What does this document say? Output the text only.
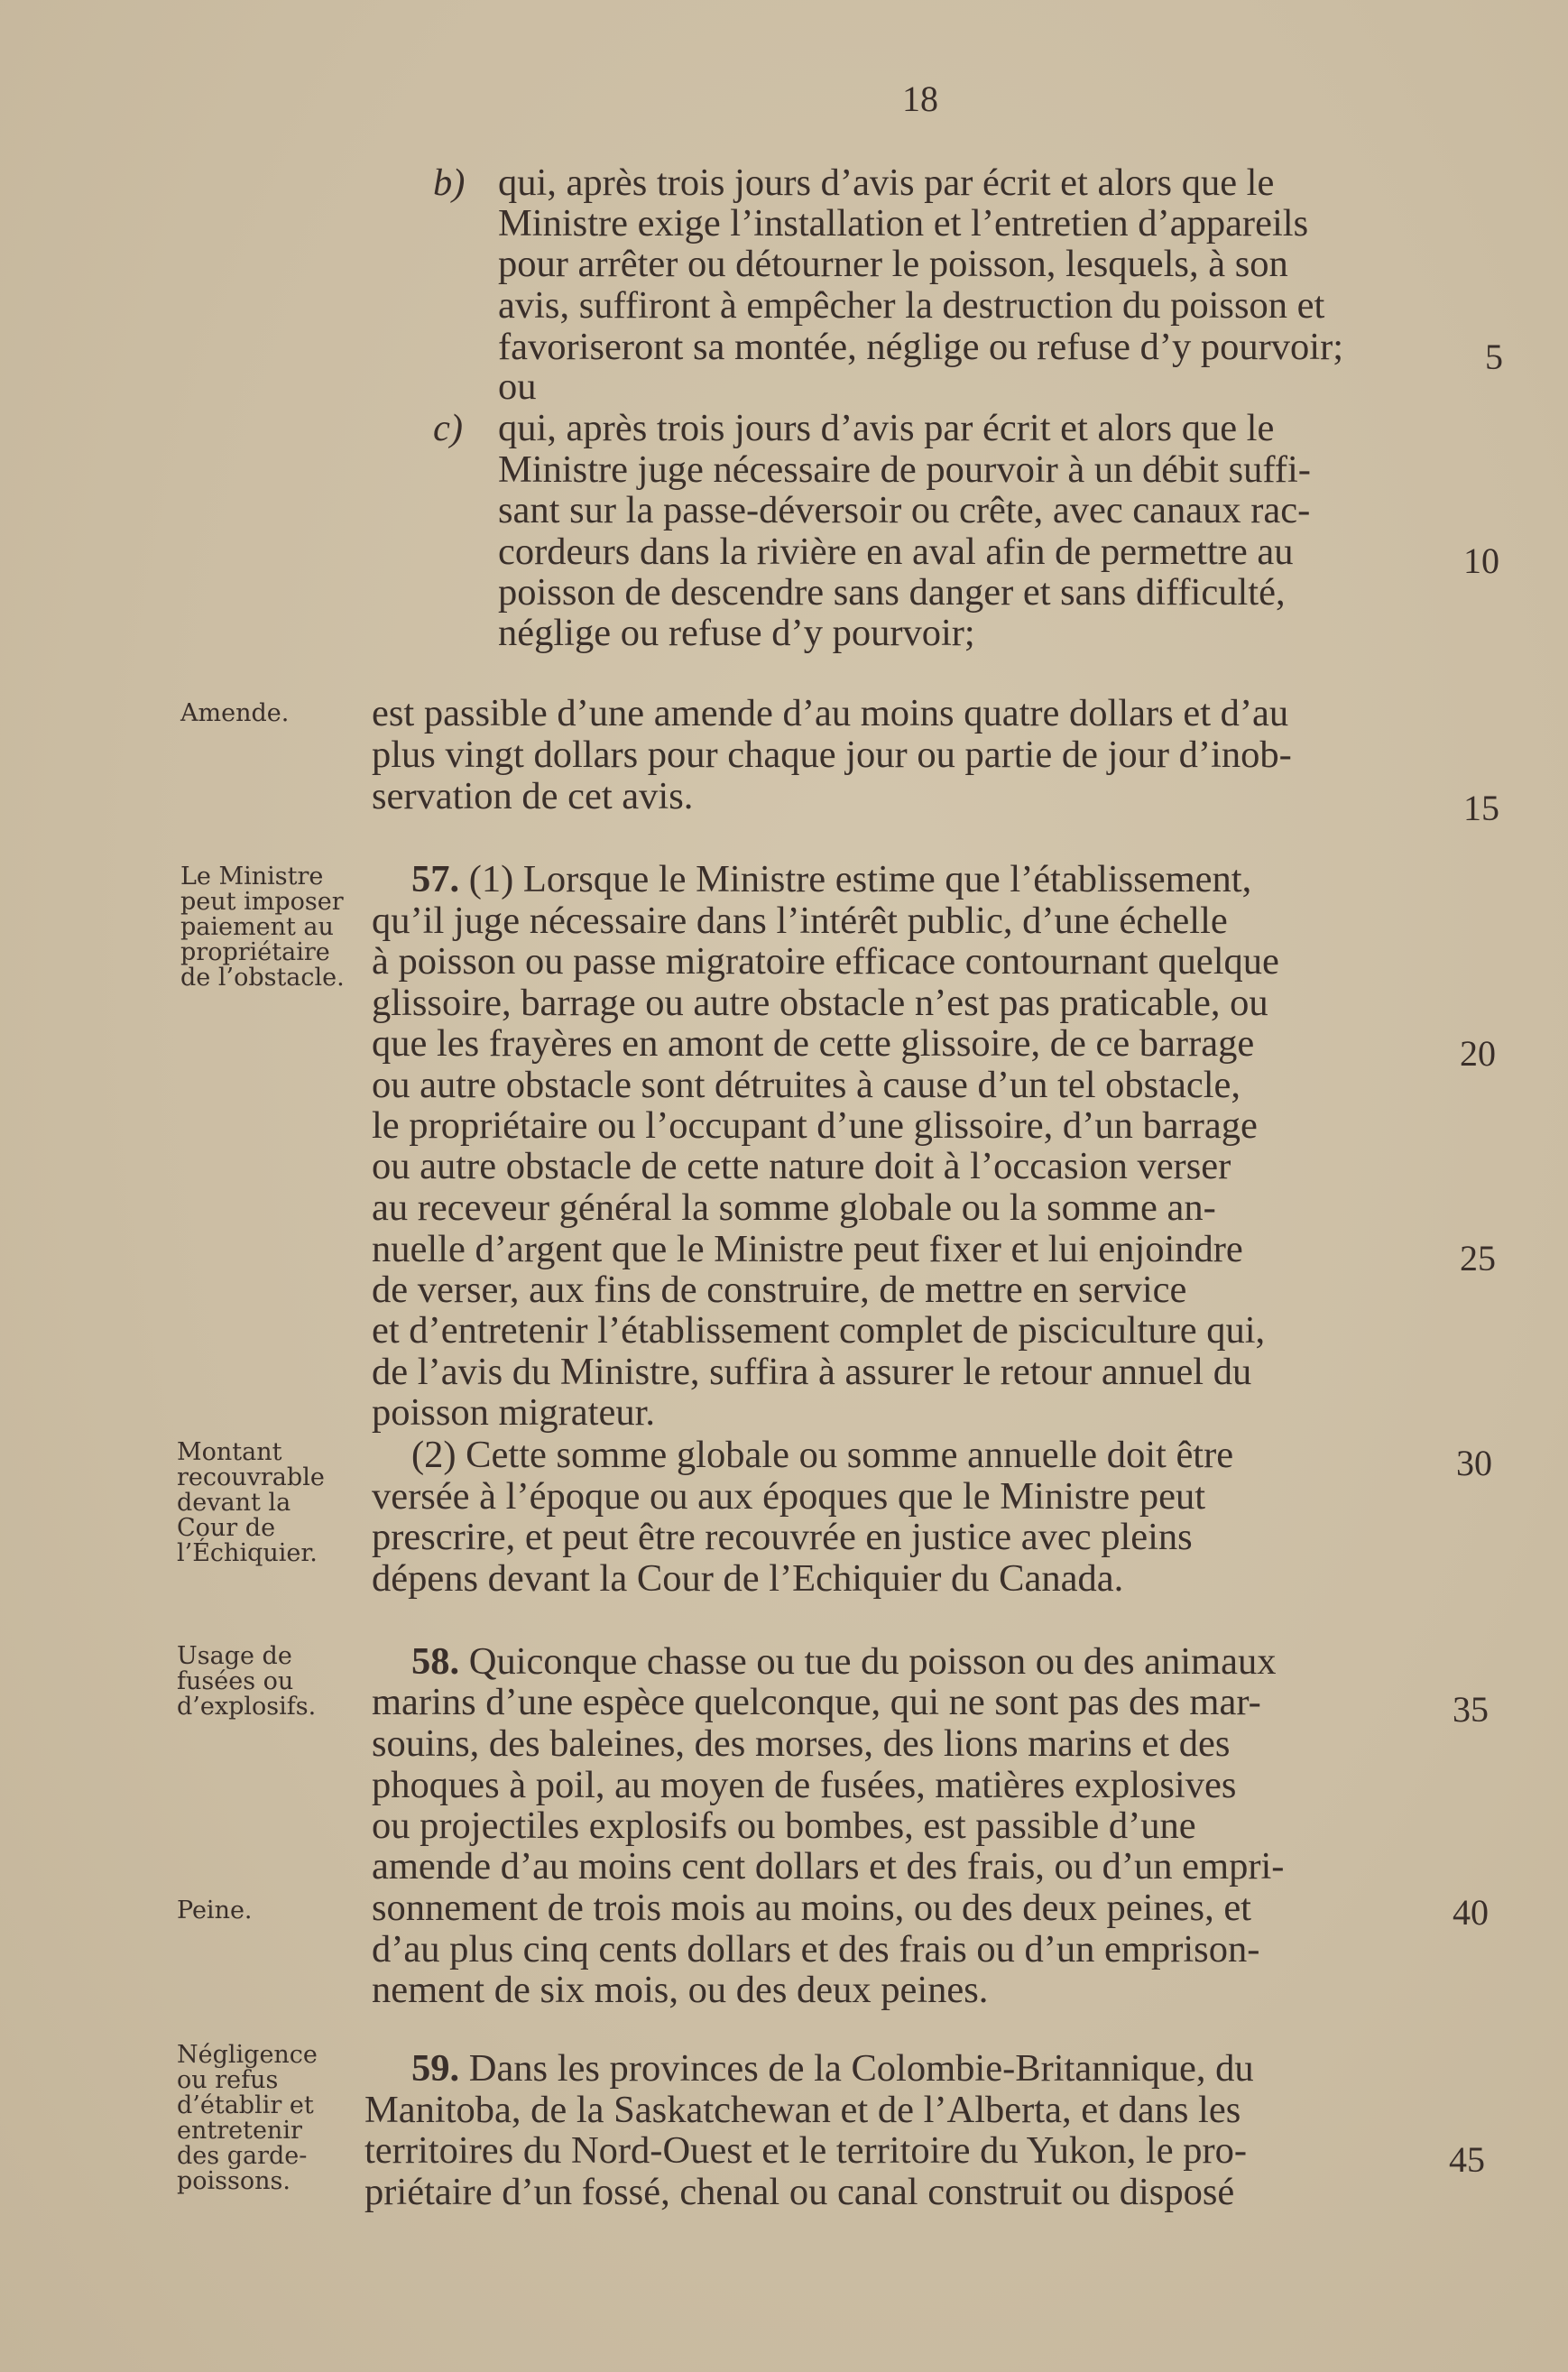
18
b) qui, après trois jours d’avis par écrit et alors que le
Ministre exige l’installation et l’entretien d’appareils
pour arrêter ou détourner le poisson, lesquels, à son
avis, suffiront à empêcher la destruction du poisson et
favoriseront sa montée, néglige ou refuse d’y pourvoir;
ou
c) qui, après trois jours d’avis par écrit et alors que le
Ministre juge nécessaire de pourvoir à un débit suffi-
sant sur la passe-déversoir ou crête, avec canaux rac-
cordeurs dans la rivière en aval afin de permettre au
poisson de descendre sans danger et sans difficulté,
néglige ou refuse d’y pourvoir;
Amende. est passible d’une amende d’au moins quatre dollars et d’au
plus vingt dollars pour chaque jour ou partie de jour d’inob-
servation de cet avis.
Le Ministre
peut imposer
paiement au
propriétaire
de l’obstacle.
57. (1) Lorsque le Ministre estime que l’établissement,
qu’il juge nécessaire dans l’intérêt public, d’une échelle
à poisson ou passe migratoire efficace contournant quelque
glissoire, barrage ou autre obstacle n’est pas praticable, ou
que les frayères en amont de cette glissoire, de ce barrage
ou autre obstacle sont détruites à cause d’un tel obstacle,
le propriétaire ou l’occupant d’une glissoire, d’un barrage
ou autre obstacle de cette nature doit à l’occasion verser
au receveur général la somme globale ou la somme an-
nuelle d’argent que le Ministre peut fixer et lui enjoindre
de verser, aux fins de construire, de mettre en service
et d’entretenir l’établissement complet de pisciculture qui,
de l’avis du Ministre, suffira à assurer le retour annuel du
poisson migrateur.
Montant
recouvrable
devant la
Cour de
l’Échiquier.
(2) Cette somme globale ou somme annuelle doit être
versée à l’époque ou aux époques que le Ministre peut
prescrire, et peut être recouvrée en justice avec pleins
dépens devant la Cour de l’Echiquier du Canada.
Usage de
fusées ou
d’explosifs.
58. Quiconque chasse ou tue du poisson ou des animaux
marins d’une espèce quelconque, qui ne sont pas des mar-
souins, des baleines, des morses, des lions marins et des
phoques à poil, au moyen de fusées, matières explosives
ou projectiles explosifs ou bombes, est passible d’une
amende d’au moins cent dollars et des frais, ou d’un empri-
sonnement de trois mois au moins, ou des deux peines, et
d’au plus cinq cents dollars et des frais ou d’un emprison-
nement de six mois, ou des deux peines.
Peine.
Négligence
ou refus
d’établir et
entretenir
des garde-
poissons.
59. Dans les provinces de la Colombie-Britannique, du
Manitoba, de la Saskatchewan et de l’Alberta, et dans les
territoires du Nord-Ouest et le territoire du Yukon, le pro-
priétaire d’un fossé, chenal ou canal construit ou disposé
5
10
15
20
25
30
35
40
45
